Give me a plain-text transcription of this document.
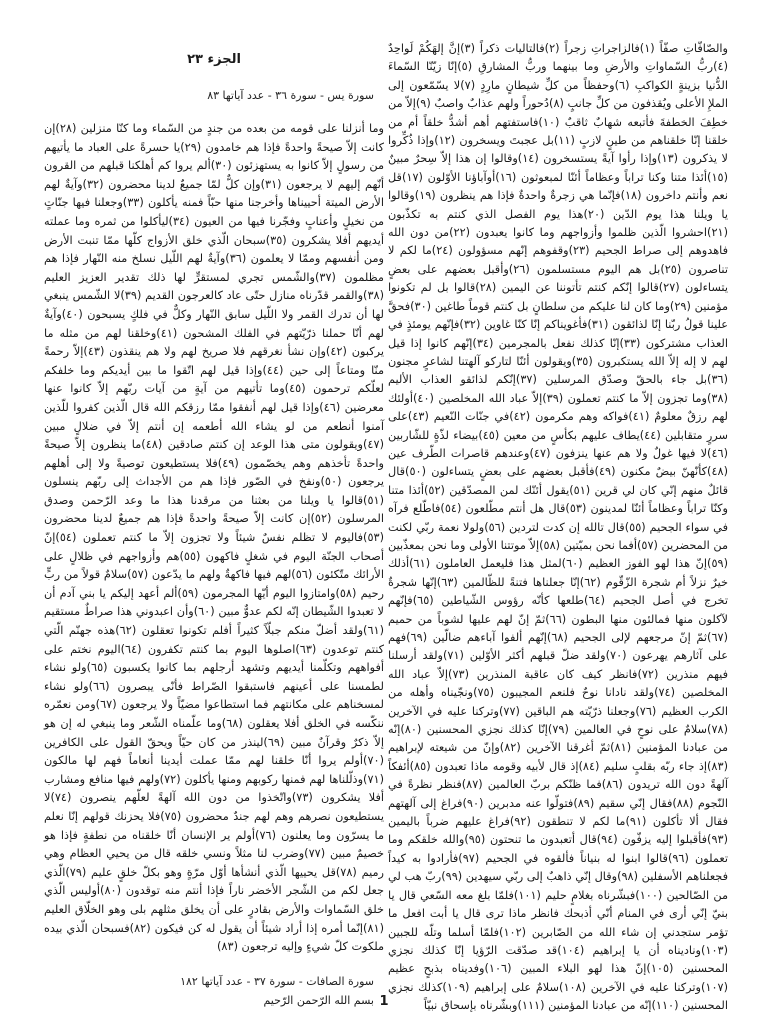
والصّافّاتِ صفّاً (١)فالزاجراتِ زجراً (٢)فالتاليات ذكراً (٣)إنَّ إلهَكُمْ لَواحِدٌ (٤)ربُّ السّماواتِ والأرضِ وما بينهما وربُّ المشارقِ (٥)إنّا زيّنّا السّماءَ الدُّنيا بزينةٍ الكواكبِ (٦)وحفظاً من كلِّ شيطانٍ مارِدٍ (٧)لا يسّمّعون إلى الملإِ الأعلى ويُقذفون من كلِّ جانبٍ (٨)دُحوراً ولهم عذابٌ واصبٌ (٩)إلاّ من خطِفَ الخطفةَ فأتبعه شهابٌ ثاقبٌ (١٠)فاستفتهم أهم أشدُّ خلقاً أم من خلقنا إنّا خلقناهم من طينٍ لازبٍ (١١)بل عجبتَ ويسخرون (١٢)وإذا ذُكِّروا لا يذكرون (١٣)وإذا رأوا آيةً يستسخرون (١٤)وقالوا إن هذا إلاّ سِحرٌ مبينٌ (١٥)أئذا متنا وكنا تراباً وعظاماً أئنّا لمبعوثون (١٦)أوآباؤنا الأوّلون (١٧)قل نعم وأنتم داخرون (١٨)فإنّما هي زجرةٌ واحدةٌ فإذا هم ينظرون (١٩)وقالوا يا ويلنا هذا يوم الدّين (٢٠)هذا يوم الفصل الذي كنتم به تكذّبون (٢١)احشروا الّذين ظلموا وأزواجهم وما كانوا يعبدون (٢٢)من دون الله فاهدوهم إلى صراط الجحيم (٢٣)وقفوهم إنّهم مسؤولون (٢٤)ما لكم لا تناصرون (٢٥)بل هم اليوم مستسلمون (٢٦)وأقبل بعضهم على بعضٍ يتساءلون (٢٧)قالوا إنّكم كنتم تأتوننا عن اليمين (٢٨)قالوا بل لم تكونوا مؤمنين (٢٩)وما كان لنا عليكم من سلطانٍ بل كنتم قوماً طاغين (٣٠)فحقَّ علينا قولُ ربّنا إنّا لذائقون (٣١)فأغويناكم إنّا كنّا غاوين (٣٢)فإنّهم يومئذٍ في العذاب مشتركون (٣٣)إنّا كذلك نفعل بالمجرمين (٣٤)إنّهم كانوا إذا قيل لهم لا إله إلاّ الله يستكبرون (٣٥)ويقولون أئنّا لتاركو آلهتنا لشاعرٍ مجنون (٣٦)بل جاء بالحقّ وصدّق المرسلين (٣٧)إنّكم لذائقو العذاب الأليم (٣٨)وما تجزون إلاّ ما كنتم تعملون (٣٩)إلاّ عباد الله المخلصين (٤٠)أولئك لهم رزقٌ معلومٌ (٤١)فواكه وهم مكرمون (٤٢)في جنّات النّعيم (٤٣)على سررٍ متقابلين (٤٤)يطاف عليهم بكأسٍ من معين (٤٥)بيضاء لذّةٍ للشّاربين (٤٦)لا فيها غولٌ ولا هم عنها ينزفون (٤٧)وعندهم قاصرات الطّرف عين (٤٨)كأنّهنّ بيضٌ مكنون (٤٩)فأقبل بعضهم على بعضٍ يتساءلون (٥٠)قال قائلٌ منهم إنّي كان لي قرين (٥١)يقول أئنّك لمن المصدّقين (٥٢)أئذا متنا وكنّا تراباً وعظاماً أئنّا لمدينون (٥٣)قال هل أنتم مطّلعون (٥٤)فاطّلع فرآه في سواء الجحيم (٥٥)قال تالله إن كدت لتردين (٥٦)ولولا نعمة ربّي لكنت من المحضرين (٥٧)أفما نحن بميّتين (٥٨)إلاّ موتتنا الأولى وما نحن بمعذّبين (٥٩)إنّ هذا لهو الفوز العظيم (٦٠)لمثل هذا فليعمل العاملون (٦١)أذلك خيرٌ نزلاً أم شجرة الزّقّوم (٦٢)إنّا جعلناها فتنةً للظّالمين (٦٣)إنّها شجرةٌ تخرج في أصل الجحيم (٦٤)طلعها كأنّه رؤوس الشّياطين (٦٥)فإنّهم لآكلون منها فمالئون منها البطون (٦٦)ثمّ إنّ لهم عليها لشوباً من حميم (٦٧)ثمّ إنّ مرجعهم لإلى الجحيم (٦٨)إنّهم ألفوا آباءهم ضالّين (٦٩)فهم على آثارهم يهرعون (٧٠)ولقد ضلّ قبلهم أكثر الأوّلين (٧١)ولقد أرسلنا فيهم منذرين (٧٢)فانظر كيف كان عاقبة المنذرين (٧٣)إلاّ عباد الله المخلصين (٧٤)ولقد نادانا نوحٌ فلنعم المجيبون (٧٥)ونجّيناه وأهله من الكرب العظيم (٧٦)وجعلنا ذرّيّته هم الباقين (٧٧)وتركنا عليه في الآخرين (٧٨)سلامٌ على نوحٍ في العالمين (٧٩)إنّا كذلك نجزي المحسنين (٨٠)إنّه من عبادنا المؤمنين (٨١)ثمّ أغرقنا الآخرين (٨٢)وإنّ من شيعته لإبراهيم (٨٣)إذ جاء ربّه بقلبٍ سليم (٨٤)إذ قال لأبيه وقومه ماذا تعبدون (٨٥)أئفكاً آلهةً دون الله تريدون (٨٦)فما ظنّكم بربّ العالمين (٨٧)فنظر نظرةً في النّجوم (٨٨)فقال إنّي سقيم (٨٩)فتولّوا عنه مدبرين (٩٠)فراغ إلى آلهتهم فقال ألا تأكلون (٩١)ما لكم لا تنطقون (٩٢)فراغ عليهم ضرباً باليمين (٩٣)فأقبلوا إليه يزفّون (٩٤)قال أتعبدون ما تنحتون (٩٥)والله خلقكم وما تعملون (٩٦)قالوا ابنوا له بنياناً فألقوه في الجحيم (٩٧)فأرادوا به كيداً فجعلناهم الأسفلين (٩٨)وقال إنّي ذاهبٌ إلى ربّي سيهدين (٩٩)ربّ هب لي من الصّالحين (١٠٠)فبشّرناه بغلامٍ حليم (١٠١)فلمّا بلغ معه السّعي قال يا بنيّ إنّي أرى في المنام أنّي أذبحك فانظر ماذا ترى قال يا أبت افعل ما تؤمر ستجدني إن شاء الله من الصّابرين (١٠٢)فلمّا أسلما وتلّه للجبين (١٠٣)وناديناه أن يا إبراهيم (١٠٤)قد صدّقت الرّؤيا إنّا كذلك نجزي المحسنين (١٠٥)إنّ هذا لهو البلاء المبين (١٠٦)وفديناه بذبحٍ عظيم (١٠٧)وتركنا عليه في الآخرين (١٠٨)سلامٌ على إبراهيم (١٠٩)كذلك نجزي المحسنين (١١٠)إنّه من عبادنا المؤمنين (١١١)وبشّرناه بإسحاق نبيّاً

الجزء ٢٣
سورة يس - سورة ٣٦ - عدد آياتها ٨٣

وما أنزلنا على قومه من بعده من جندٍ من السّماء وما كنّا منزلين (٢٨)إن كانت إلاّ صيحةً واحدةً فإذا هم خامدون (٢٩)يا حسرةً على العباد ما يأتيهم من رسولٍ إلاّ كانوا به يستهزئون (٣٠)ألم يروا كم أهلكنا قبلهم من القرون أنّهم إليهم لا يرجعون (٣١)وإن كلٌّ لمّا جميعٌ لدينا محضرون (٣٢)وآيةٌ لهم الأرض الميتة أحييناها وأخرجنا منها حبّاً فمنه يأكلون (٣٣)وجعلنا فيها جنّاتٍ من نخيلٍ وأعنابٍ وفجّرنا فيها من العيون (٣٤)ليأكلوا من ثمره وما عملته أيديهم أفلا يشكرون (٣٥)سبحان الّذي خلق الأزواج كلّها ممّا تنبت الأرض ومن أنفسهم وممّا لا يعلمون (٣٦)وآيةٌ لهم اللّيل نسلخ منه النّهار فإذا هم مظلمون (٣٧)والشّمس تجري لمستقرٍّ لها ذلك تقدير العزيز العليم (٣٨)والقمر قدّرناه منازل حتّى عاد كالعرجون القديم (٣٩)لا الشّمس ينبغي لها أن تدرك القمر ولا اللّيل سابق النّهار وكلٌّ في فلكٍ يسبحون (٤٠)وآيةٌ لهم أنّا حملنا ذرّيّتهم في الفلك المشحون (٤١)وخلقنا لهم من مثله ما يركبون (٤٢)وإن نشأ نغرقهم فلا صريخ لهم ولا هم ينقذون (٤٣)إلاّ رحمةً منّا ومتاعاً إلى حين (٤٤)وإذا قيل لهم اتّقوا ما بين أيديكم وما خلفكم لعلّكم ترحمون (٤٥)وما تأتيهم من آيةٍ من آيات ربّهم إلاّ كانوا عنها معرضين (٤٦)وإذا قيل لهم أنفقوا ممّا رزقكم الله قال الّذين كفروا للّذين آمنوا أنطعم من لو يشاء الله أطعمه إن أنتم إلاّ في ضلالٍ مبين (٤٧)ويقولون متى هذا الوعد إن كنتم صادقين (٤٨)ما ينظرون إلاّ صيحةً واحدةً تأخذهم وهم يخصّمون (٤٩)فلا يستطيعون توصيةً ولا إلى أهلهم يرجعون (٥٠)ونفخ في الصّور فإذا هم من الأجداث إلى ربّهم ينسلون (٥١)قالوا يا ويلنا من بعثنا من مرقدنا هذا ما وعد الرّحمن وصدق المرسلون (٥٢)إن كانت إلاّ صيحةً واحدةً فإذا هم جميعٌ لدينا محضرون (٥٣)فاليوم لا تظلم نفسٌ شيئاً ولا تجزون إلاّ ما كنتم تعملون (٥٤)إنّ أصحاب الجنّة اليوم في شغلٍ فاكهون (٥٥)هم وأزواجهم في ظلالٍ على الأرائك متّكئون (٥٦)لهم فيها فاكهةٌ ولهم ما يدّعون (٥٧)سلامٌ قولاً من ربٍّ رحيم (٥٨)وامتازوا اليوم أيّها المجرمون (٥٩)ألم أعهد إليكم يا بني آدم أن لا تعبدوا الشّيطان إنّه لكم عدوٌّ مبين (٦٠)وأن اعبدوني هذا صراطٌ مستقيم (٦١)ولقد أضلّ منكم جبلّاً كثيراً أفلم تكونوا تعقلون (٦٢)هذه جهنّم الّتي كنتم توعدون (٦٣)اصلوها اليوم بما كنتم تكفرون (٦٤)اليوم نختم على أفواههم وتكلّمنا أيديهم وتشهد أرجلهم بما كانوا يكسبون (٦٥)ولو نشاء لطمسنا على أعينهم فاستبقوا الصّراط فأنّى يبصرون (٦٦)ولو نشاء لمسخناهم على مكانتهم فما استطاعوا مضيّاً ولا يرجعون (٦٧)ومن نعمّره ننكّسه في الخلق أفلا يعقلون (٦٨)وما علّمناه الشّعر وما ينبغي له إن هو إلاّ ذكرٌ وقرآنٌ مبين (٦٩)لينذر من كان حيّاً ويحقّ القول على الكافرين (٧٠)أولم يروا أنّا خلقنا لهم ممّا عملت أيدينا أنعاماً فهم لها مالكون (٧١)وذلّلناها لهم فمنها ركوبهم ومنها يأكلون (٧٢)ولهم فيها منافع ومشارب أفلا يشكرون (٧٣)واتّخذوا من دون الله آلهةً لعلّهم ينصرون (٧٤)لا يستطيعون نصرهم وهم لهم جندٌ محضرون (٧٥)فلا يحزنك قولهم إنّا نعلم ما يسرّون وما يعلنون (٧٦)أولم ير الإنسان أنّا خلقناه من نطفةٍ فإذا هو خصيمٌ مبين (٧٧)وضرب لنا مثلاً ونسي خلقه قال من يحيي العظام وهي رميم (٧٨)قل يحييها الّذي أنشأها أوّل مرّةٍ وهو بكلّ خلقٍ عليم (٧٩)الّذي جعل لكم من الشّجر الأخضر ناراً فإذا أنتم منه توقدون (٨٠)أوليس الّذي خلق السّماوات والأرض بقادرٍ على أن يخلق مثلهم بلى وهو الخلّاق العليم (٨١)إنّما أمره إذا أراد شيئاً أن يقول له كن فيكون (٨٢)فسبحان الّذي بيده ملكوت كلّ شيءٍ وإليه ترجعون (٨٣)

سورة الصافات - سورة ٣٧ - عدد آياتها ١٨٢
بسم الله الرّحمن الرّحيم 1
